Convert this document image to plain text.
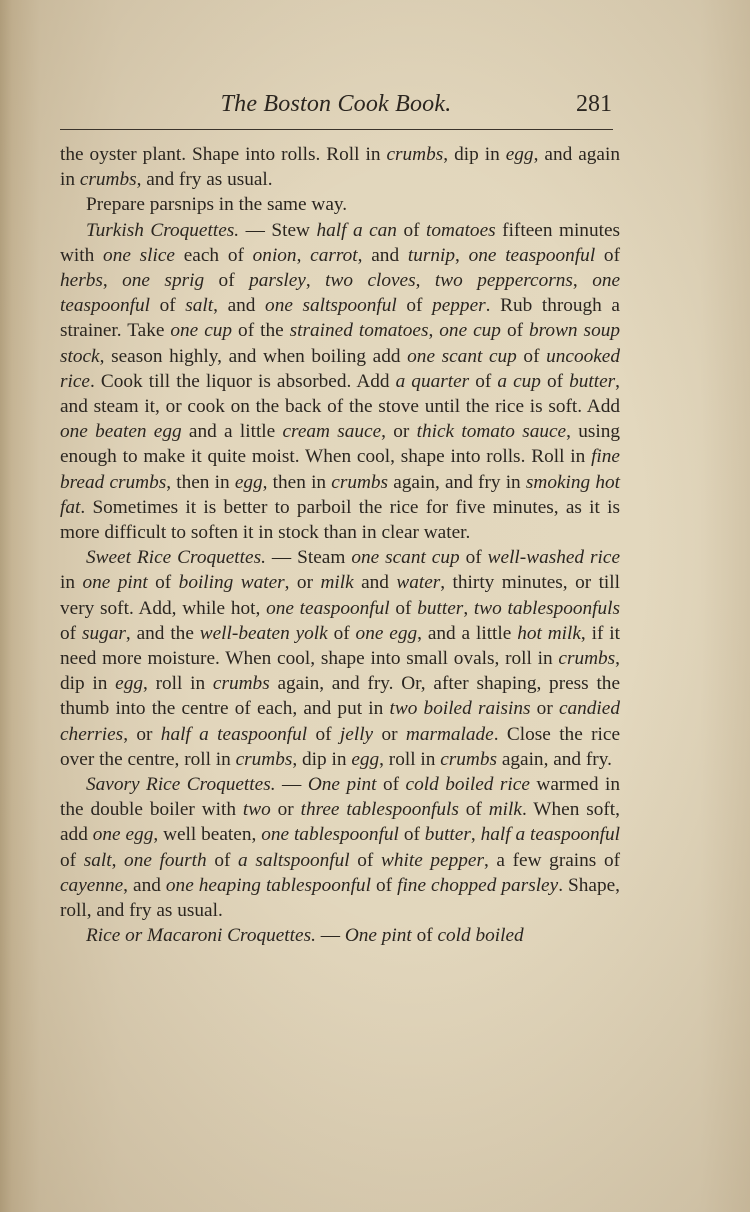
The Boston Cook Book.	281

the oyster plant. Shape into rolls. Roll in crumbs, dip in egg, and again in crumbs, and fry as usual.

Prepare parsnips in the same way.

Turkish Croquettes. — Stew half a can of tomatoes fifteen minutes with one slice each of onion, carrot, and turnip, one teaspoonful of herbs, one sprig of parsley, two cloves, two peppercorns, one teaspoonful of salt, and one saltspoonful of pepper. Rub through a strainer. Take one cup of the strained tomatoes, one cup of brown soup stock, season highly, and when boiling add one scant cup of uncooked rice. Cook till the liquor is absorbed. Add a quarter of a cup of butter, and steam it, or cook on the back of the stove until the rice is soft. Add one beaten egg and a little cream sauce, or thick tomato sauce, using enough to make it quite moist. When cool, shape into rolls. Roll in fine bread crumbs, then in egg, then in crumbs again, and fry in smoking hot fat. Sometimes it is better to parboil the rice for five minutes, as it is more difficult to soften it in stock than in clear water.

Sweet Rice Croquettes. — Steam one scant cup of well-washed rice in one pint of boiling water, or milk and water, thirty minutes, or till very soft. Add, while hot, one teaspoonful of butter, two tablespoonfuls of sugar, and the well-beaten yolk of one egg, and a little hot milk, if it need more moisture. When cool, shape into small ovals, roll in crumbs, dip in egg, roll in crumbs again, and fry. Or, after shaping, press the thumb into the centre of each, and put in two boiled raisins or candied cherries, or half a teaspoonful of jelly or marmalade. Close the rice over the centre, roll in crumbs, dip in egg, roll in crumbs again, and fry.

Savory Rice Croquettes. — One pint of cold boiled rice warmed in the double boiler with two or three tablespoonfuls of milk. When soft, add one egg, well beaten, one tablespoonful of butter, half a teaspoonful of salt, one fourth of a saltspoonful of white pepper, a few grains of cayenne, and one heaping tablespoonful of fine chopped parsley. Shape, roll, and fry as usual.

Rice or Macaroni Croquettes. — One pint of cold boiled
